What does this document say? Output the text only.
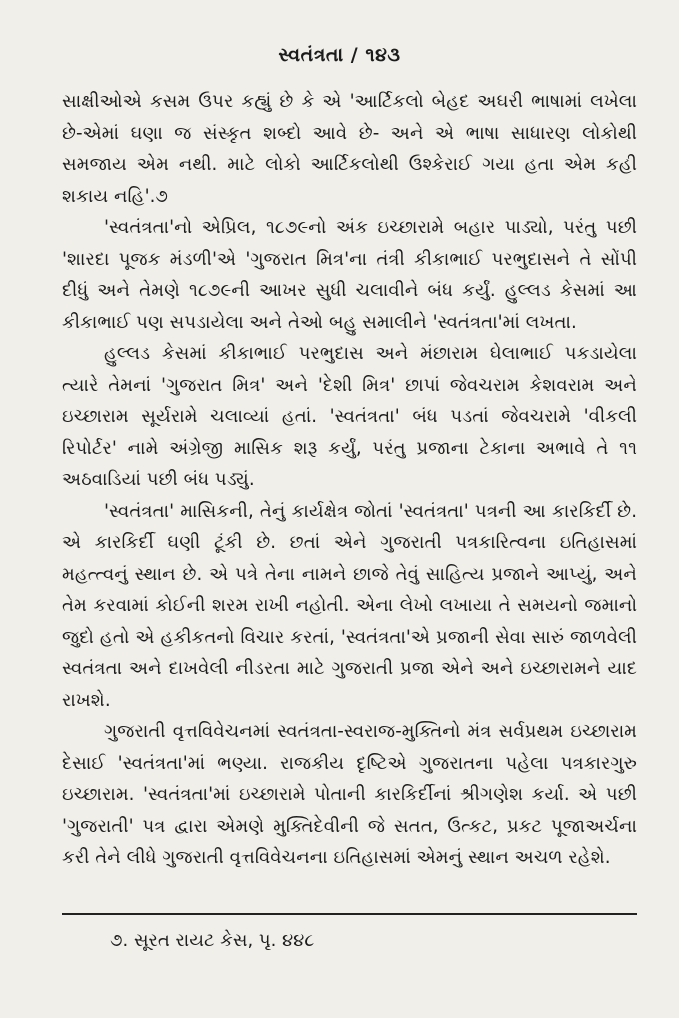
સ્વતંત્રતા / ૧૪૩

સાક્ષીઓએ કસમ ઉપર કહ્યું છે કે એ 'આર્ટિકલો બેહદ અઘરી ભાષામાં લખેલા છે-એમાં ઘણા જ સંસ્કૃત શબ્દો આવે છે- અને એ ભાષા સાધારણ લોકોથી સમજાય એમ નથી. માટે લોકો આર્ટિકલોથી ઉશ્કેરાઈ ગયા હતા એમ કહી શકાય નહિ'.૭

'સ્વતંત્રતા'નો એપ્રિલ, ૧૮૭૯નો અંક ઇચ્છારામે બહાર પાડ્યો, પરંતુ પછી 'શારદા પૂજક મંડળી'એ 'ગુજરાત મિત્ર'ના તંત્રી કીકાભાઈ પરભુદાસને તે સોંપી દીધું અને તેમણે ૧૮૭૯ની આખર સુધી ચલાવીને બંધ કર્યું. હુલ્લડ કેસમાં આ કીકાભાઈ પણ સપડાયેલા અને તેઓ બહુ સમાલીને 'સ્વતંત્રતા'માં લખતા.

હુલ્લડ કેસમાં કીકાભાઈ પરભુદાસ અને મંછારામ ઘેલાભાઈ પકડાયેલા ત્યારે તેમનાં 'ગુજરાત મિત્ર' અને 'દેશી મિત્ર' છાપાં જેવચરામ કેશવરામ અને ઇચ્છારામ સૂર્યરામે ચલાવ્યાં હતાં. 'સ્વતંત્રતા' બંધ પડતાં જેવચરામે 'વીકલી રિપોર્ટર' નામે અંગ્રેજી માસિક શરૂ કર્યું, પરંતુ પ્રજાના ટેકાના અભાવે તે ૧૧ અઠવાડિયાં પછી બંધ પડ્યું.

'સ્વતંત્રતા' માસિકની, તેનું કાર્યક્ષેત્ર જોતાં 'સ્વતંત્રતા' પત્રની આ કારકિર્દી છે. એ કારકિર્દી ઘણી ટૂંકી છે. છતાં એને ગુજરાતી પત્રકારિત્વના ઇતિહાસમાં મહત્ત્વનું સ્થાન છે. એ પત્રે તેના નામને છાજે તેવું સાહિત્ય પ્રજાને આપ્યું, અને તેમ કરવામાં કોઈની શરમ રાખી નહોતી. એના લેખો લખાયા તે સમયનો જમાનો જુદો હતો એ હકીકતનો વિચાર કરતાં, 'સ્વતંત્રતા'એ પ્રજાની સેવા સારું જાળવેલી સ્વતંત્રતા અને દાખવેલી નીડરતા માટે ગુજરાતી પ્રજા એને અને ઇચ્છારામને યાદ રાખશે.

ગુજરાતી વૃત્તવિવેચનમાં સ્વતંત્રતા-સ્વરાજ-મુક્તિનો મંત્ર સર્વપ્રથમ ઇચ્છારામ દેસાઈ 'સ્વતંત્રતા'માં ભણ્યા. રાજકીય દૃષ્ટિએ ગુજરાતના પહેલા પત્રકારગુરુ ઇચ્છારામ. 'સ્વતંત્રતા'માં ઇચ્છારામે પોતાની કારકિર્દીનાં શ્રીગણેશ કર્યા. એ પછી 'ગુજરાતી' પત્ર દ્વારા એમણે મુક્તિદેવીની જે સતત, ઉત્કટ, પ્રકટ પૂજાઅર્ચના કરી તેને લીધે ગુજરાતી વૃત્તવિવેચનના ઇતિહાસમાં એમનું સ્થાન અચળ રહેશે.

૭. સૂરત રાયટ કેસ, પૃ. ૪૪૮
